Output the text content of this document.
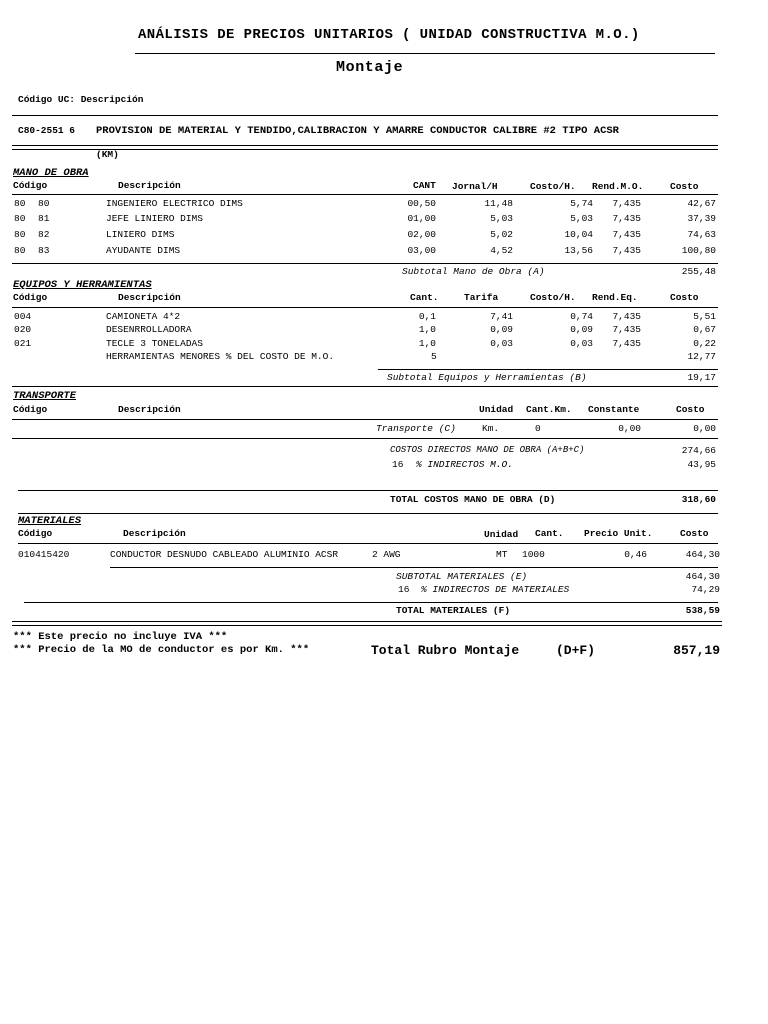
ANÁLISIS DE PRECIOS UNITARIOS ( UNIDAD CONSTRUCTIVA M.O.)
Montaje
Código UC: Descripción
C80-2551 6 PROVISION DE MATERIAL Y TENDIDO,CALIBRACION Y AMARRE CONDUCTOR CALIBRE #2 TIPO ACSR
(KM)
MANO DE OBRA
Código	Descripción	CANT Jornal/H	Costo/H. Rend.M.O.	Costo
80 80	INGENIERO ELECTRICO DIMS	00,50	11,48	5,74	7,435	42,67
80 81	JEFE LINIERO DIMS	01,00	5,03	5,03	7,435	37,39
80 82	LINIERO DIMS	02,00	5,02	10,04	7,435	74,63
80 83	AYUDANTE DIMS	03,00	4,52	13,56	7,435	100,80
Subtotal Mano de Obra (A)	255,48
EQUIPOS Y HERRAMIENTAS
Código	Descripción	Cant.	Tarifa	Costo/H. Rend.Eq.	Costo
004	CAMIONETA 4*2	0,1	7,41	0,74	7,435	5,51
020	DESENRROLLADORA	1,0	0,09	0,09	7,435	0,67
021	TECLE 3 TONELADAS	1,0	0,03	0,03	7,435	0,22
HERRAMIENTAS MENORES % DEL COSTO DE M.O.	5	12,77
Subtotal Equipos y Herramientas (B)	19,17
TRANSPORTE
Código	Descripción	Unidad Cant.Km. Constante	Costo
Transporte (C)	Km.	0	0,00	0,00
COSTOS DIRECTOS MANO DE OBRA (A+B+C)	274,66
16 % INDIRECTOS M.O.	43,95
TOTAL COSTOS MANO DE OBRA (D)	318,60
MATERIALES
Código	Descripción	Unidad Cant. Precio Unit.	Costo
010415420	CONDUCTOR DESNUDO CABLEADO ALUMINIO ACSR	2 AWG	MT 1000	0,46	464,30
SUBTOTAL MATERIALES (E)	464,30
16 % INDIRECTOS DE MATERIALES	74,29
TOTAL MATERIALES (F)	538,59
*** Este precio no incluye IVA ***
*** Precio de la MO de conductor es por Km. ***	Total Rubro Montaje	(D+F)	857,19
